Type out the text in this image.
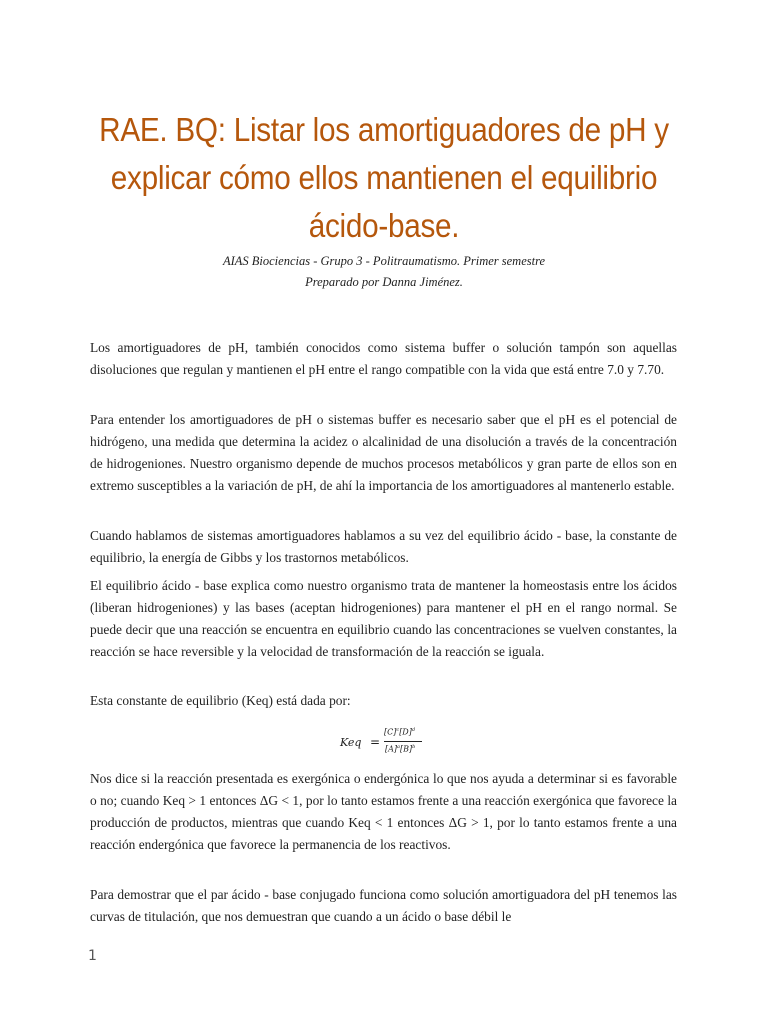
RAE. BQ: Listar los amortiguadores de pH y explicar cómo ellos mantienen el equilibrio ácido-base.
AIAS Biociencias - Grupo 3 - Politraumatismo. Primer semestre
Preparado por Danna Jiménez.

Los amortiguadores de pH, también conocidos como sistema buffer o solución tampón son aquellas disoluciones que regulan y mantienen el pH entre el rango compatible con la vida que está entre 7.0 y 7.70.

Para entender los amortiguadores de pH o sistemas buffer es necesario saber que el pH es el potencial de hidrógeno, una medida que determina la acidez o alcalinidad de una disolución a través de la concentración de hidrogeniones. Nuestro organismo depende de muchos procesos metabólicos y gran parte de ellos son en extremo susceptibles a la variación de pH, de ahí la importancia de los amortiguadores al mantenerlo estable.

Cuando hablamos de sistemas amortiguadores hablamos a su vez del equilibrio ácido - base, la constante de equilibrio, la energía de Gibbs y los trastornos metabólicos.

El equilibrio ácido - base explica como nuestro organismo trata de mantener la homeostasis entre los ácidos (liberan hidrogeniones) y las bases (aceptan hidrogeniones) para mantener el pH en el rango normal. Se puede decir que una reacción se encuentra en equilibrio cuando las concentraciones se vuelven constantes, la reacción se hace reversible y la velocidad de transformación de la reacción se iguala.

Esta constante de equilibrio (Keq) está dada por:

Keq =
$[C]^c[D]^d$
$[A]^a[B]^b$

Nos dice si la reacción presentada es exergónica o endergónica lo que nos ayuda a determinar si es favorable o no; cuando Keq > 1 entonces ΔG < 1, por lo tanto estamos frente a una reacción exergónica que favorece la producción de productos, mientras que cuando Keq < 1 entonces ΔG > 1, por lo tanto estamos frente a una reacción endergónica que favorece la permanencia de los reactivos.

Para demostrar que el par ácido - base conjugado funciona como solución amortiguadora del pH tenemos las curvas de titulación, que nos demuestran que cuando a un ácido o base débil le

1
